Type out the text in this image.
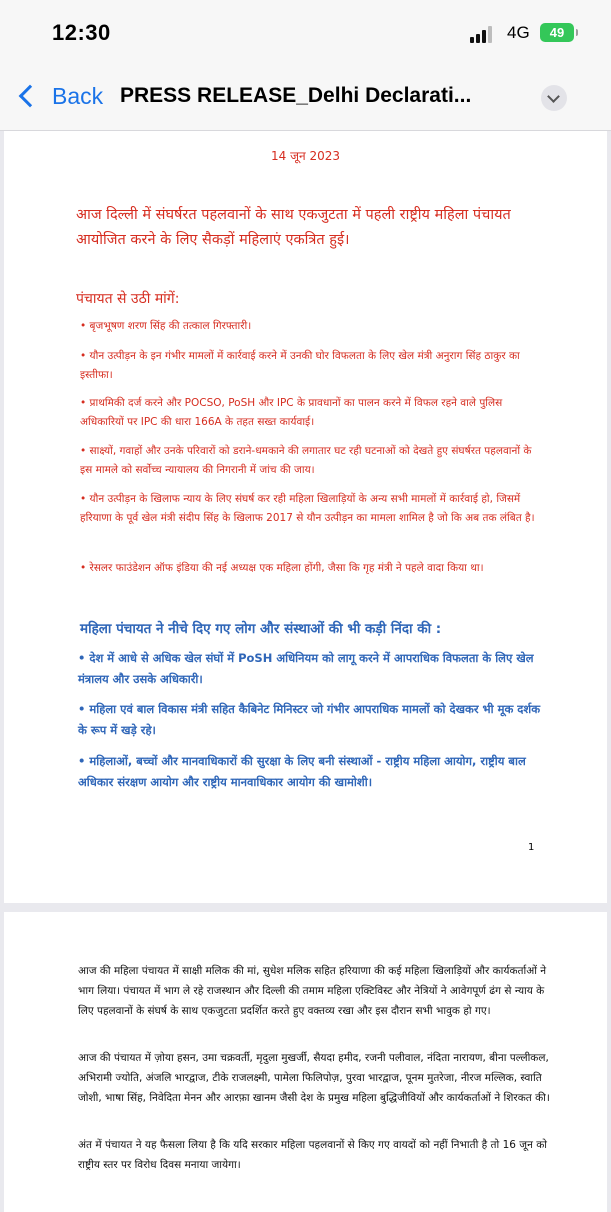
12:30	4G	49
Back PRESS RELEASE_Delhi Declarati...
14 जून 2023
आज दिल्ली में संघर्षरत पहलवानों के साथ एकजुटता में पहली राष्ट्रीय महिला पंचायत आयोजित करने के लिए सैकड़ों महिलाएं एकत्रित हुई।
पंचायत से उठी मांगें:
• बृजभूषण शरण सिंह की तत्काल गिरफ्तारी।
• यौन उत्पीड़न के इन गंभीर मामलों में कार्रवाई करने में उनकी घोर विफलता के लिए खेल मंत्री अनुराग सिंह ठाकुर का इस्तीफा।
• प्राथमिकी दर्ज करने और POCSO, PoSH और IPC के प्रावधानों का पालन करने में विफल रहने वाले पुलिस अधिकारियों पर IPC की धारा 166A के तहत सख्त कार्यवाई।
• साक्ष्यों, गवाहों और उनके परिवारों को डराने-धमकाने की लगातार घट रही घटनाओं को देखते हुए संघर्षरत पहलवानों के इस मामले को सर्वोच्च न्यायालय की निगरानी में जांच की जाय।
• यौन उत्पीड़न के खिलाफ न्याय के लिए संघर्ष कर रही महिला खिलाड़ियों के अन्य सभी मामलों में कार्रवाई हो, जिसमें हरियाणा के पूर्व खेल मंत्री संदीप सिंह के खिलाफ 2017 से यौन उत्पीड़न का मामला शामिल है जो कि अब तक लंबित है।
• रेसलर फाउंडेशन ऑफ इंडिया की नई अध्यक्ष एक महिला होंगी, जैसा कि गृह मंत्री ने पहले वादा किया था।
महिला पंचायत ने नीचे दिए गए लोग और संस्थाओं की भी कड़ी निंदा की :
• देश में आधे से अधिक खेल संघों में PoSH अधिनियम को लागू करने में आपराधिक विफलता के लिए खेल मंत्रालय और उसके अधिकारी।
• महिला एवं बाल विकास मंत्री सहित कैबिनेट मिनिस्टर जो गंभीर आपराधिक मामलों को देखकर भी मूक दर्शक के रूप में खड़े रहे।
• महिलाओं, बच्चों और मानवाधिकारों की सुरक्षा के लिए बनी संस्थाओं - राष्ट्रीय महिला आयोग, राष्ट्रीय बाल अधिकार संरक्षण आयोग और राष्ट्रीय मानवाधिकार आयोग की खामोशी।
1
आज की महिला पंचायत में साक्षी मलिक की मां, सुधेश मलिक सहित हरियाणा की कई महिला खिलाड़ियों और कार्यकर्ताओं ने भाग लिया। पंचायत में भाग ले रहे राजस्थान और दिल्ली की तमाम महिला एक्टिविस्ट और नेत्रियों ने आवेगपूर्ण ढंग से न्याय के लिए पहलवानों के संघर्ष के साथ एकजुटता प्रदर्शित करते हुए वक्तव्य रखा और इस दौरान सभी भावुक हो गए।
आज की पंचायत में ज़ोया हसन, उमा चक्रवर्ती, मृदुला मुखर्जी, सैयदा हमीद, रजनी पलीवाल, नंदिता नारायण, बीना पल्लीकल, अभिरामी ज्योति, अंजलि भारद्वाज, टीके राजलक्ष्मी, पामेला फिलिपोज़, पुरवा भारद्वाज, पूनम मुतरेजा, नीरज मल्लिक, स्वाति जोशी, भाषा सिंह, निवेदिता मेनन और आरफ़ा खानम जैसी देश के प्रमुख महिला बुद्धिजीवियों और कार्यकर्ताओं ने शिरकत की।
अंत में पंचायत ने यह फैसला लिया है कि यदि सरकार महिला पहलवानों से किए गए वायदों को नहीं निभाती है तो 16 जून को राष्ट्रीय स्तर पर विरोध दिवस मनाया जायेगा।
